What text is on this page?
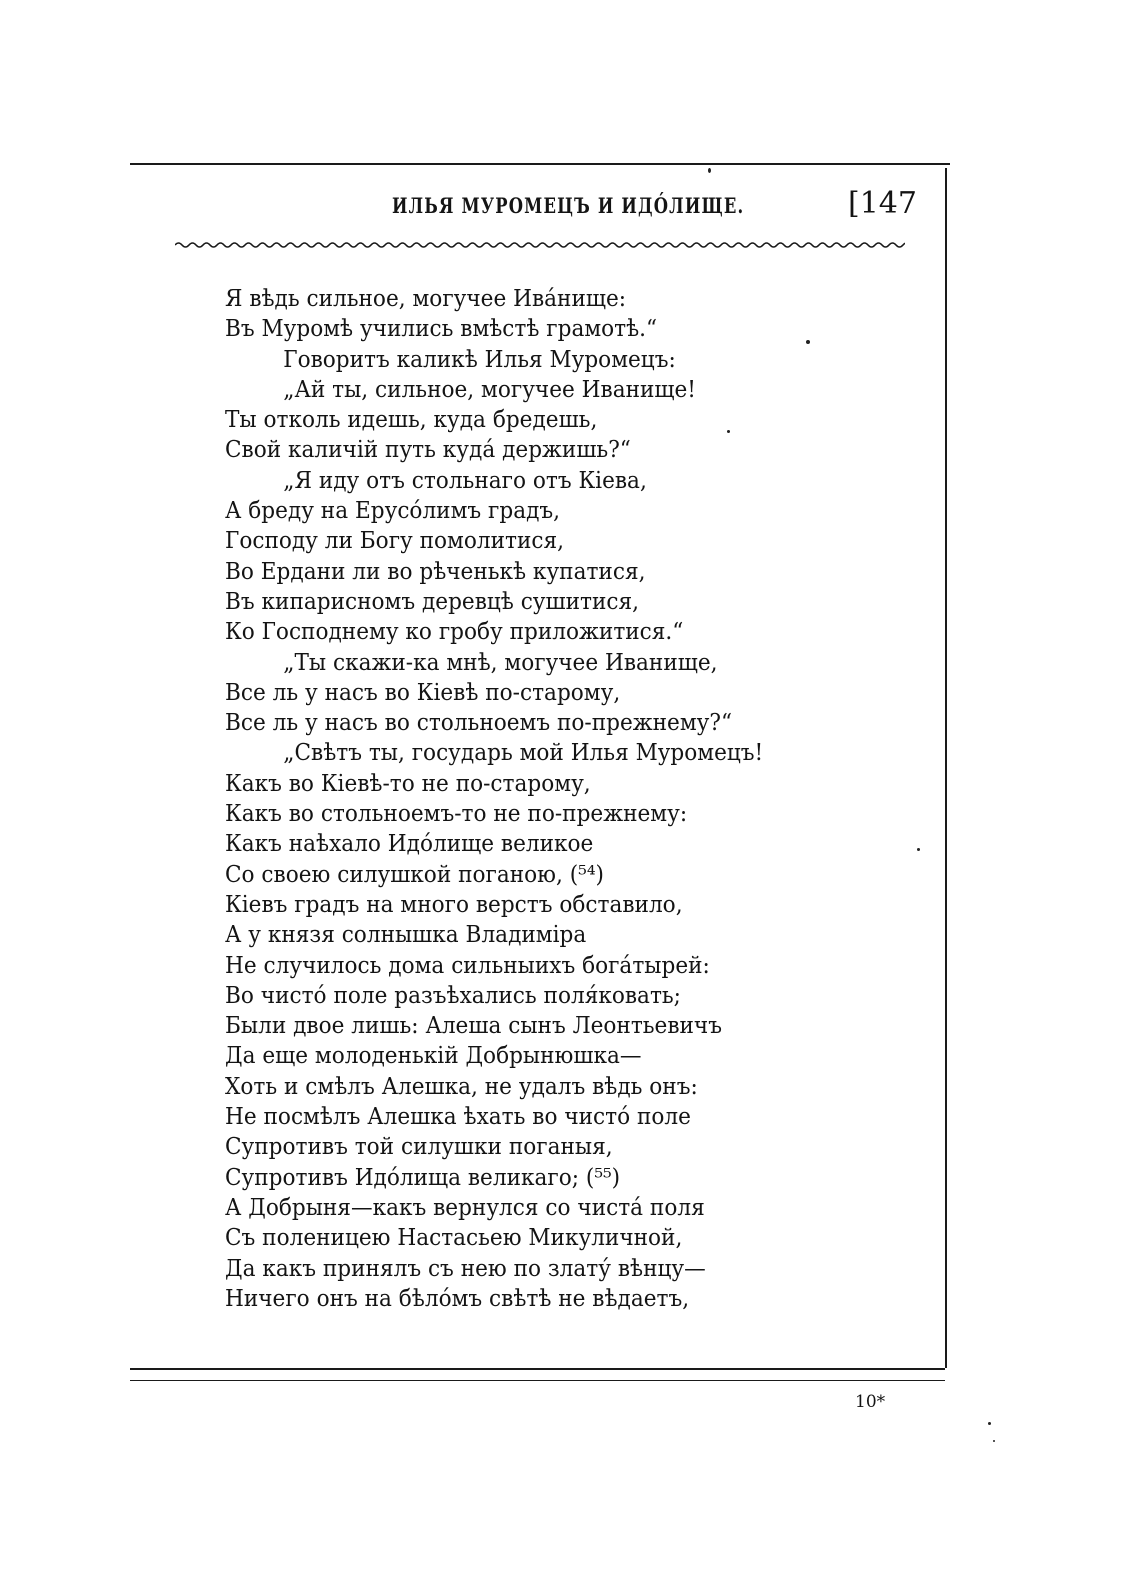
ИЛЬЯ МУРОМЕЦЪ И ИДО́ЛИЩЕ.	[147
Я вѣдь сильное, могучее Ива́нище:
Въ Муромѣ учились вмѣстѣ грамотѣ.“
Говоритъ каликѣ Илья Муромецъ:
„Ай ты, сильное, могучее Иванище!
Ты отколь идешь, куда бредешь,
Свой каличій путь куда́ держишь?“
„Я иду отъ стольнаго отъ Кіева,
А бреду на Ерусо́лимъ градъ,
Господу ли Богу помолитися,
Во Ердани ли во рѣченькѣ купатися,
Въ кипарисномъ деревцѣ сушитися,
Ко Господнему ко гробу приложитися.“
„Ты скажи-ка мнѣ, могучее Иванище,
Все ль у насъ во Кіевѣ по-старому,
Все ль у насъ во стольноемъ по-прежнему?“
„Свѣтъ ты, государь мой Илья Муромецъ!
Какъ во Кіевѣ-то не по-старому,
Какъ во стольноемъ-то не по-прежнему:
Какъ наѣхало Идо́лище великое
Со своею силушкой поганою, (⁵⁴)
Кіевъ градъ на много верстъ обставило,
А у князя солнышка Владиміра
Не случилось дома сильныихъ бога́тырей:
Во чисто́ поле разъѣхались поля́ковать;
Были двое лишь: Алеша сынъ Леонтьевичъ
Да еще молоденькій Добрынюшка—
Хоть и смѣлъ Алешка, не удалъ вѣдь онъ:
Не посмѣлъ Алешка ѣхать во чисто́ поле
Супротивъ той силушки поганыя,
Супротивъ Идо́лища великаго; (⁵⁵)
А Добрыня—какъ вернулся со чиста́ поля
Съ поленицею Настасьею Микуличной,
Да какъ принялъ съ нею по злату́ вѣнцу—
Ничего онъ на бѣло́мъ свѣтѣ не вѣдаетъ,
10*
